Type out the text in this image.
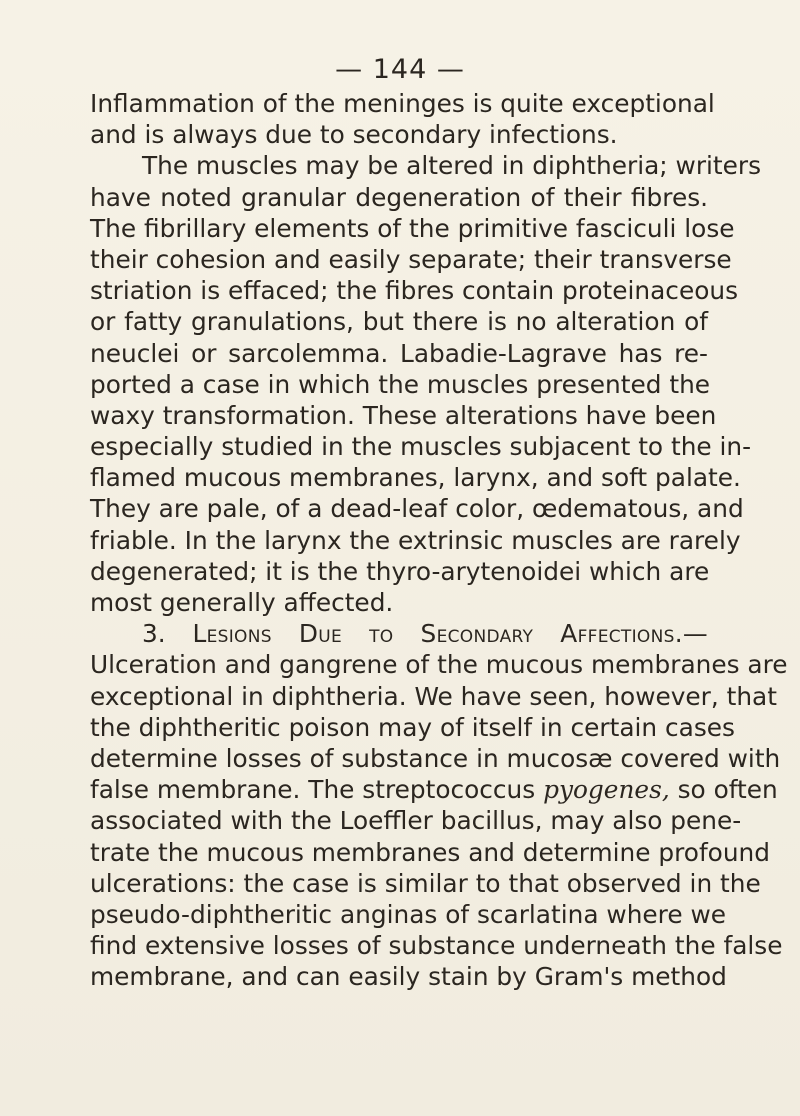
— 144 —
Inflammation of the meninges is quite exceptional
and is always due to secondary infections.
The muscles may be altered in diphtheria; writers
have noted granular degeneration of their fibres.
The fibrillary elements of the primitive fasciculi lose
their cohesion and easily separate; their transverse
striation is effaced; the fibres contain proteinaceous
or fatty granulations, but there is no alteration of
neuclei or sarcolemma. Labadie-Lagrave has re-
ported a case in which the muscles presented the
waxy transformation. These alterations have been
especially studied in the muscles subjacent to the in-
flamed mucous membranes, larynx, and soft palate.
They are pale, of a dead-leaf color, œdematous, and
friable. In the larynx the extrinsic muscles are rarely
degenerated; it is the thyro-arytenoidei which are
most generally affected.
3. Lesions Due to Secondary Affections.—
Ulceration and gangrene of the mucous membranes are
exceptional in diphtheria. We have seen, however, that
the diphtheritic poison may of itself in certain cases
determine losses of substance in mucosæ covered with
false membrane. The streptococcus pyogenes, so often
associated with the Loeffler bacillus, may also pene-
trate the mucous membranes and determine profound
ulcerations: the case is similar to that observed in the
pseudo-diphtheritic anginas of scarlatina where we
find extensive losses of substance underneath the false
membrane, and can easily stain by Gram's method
